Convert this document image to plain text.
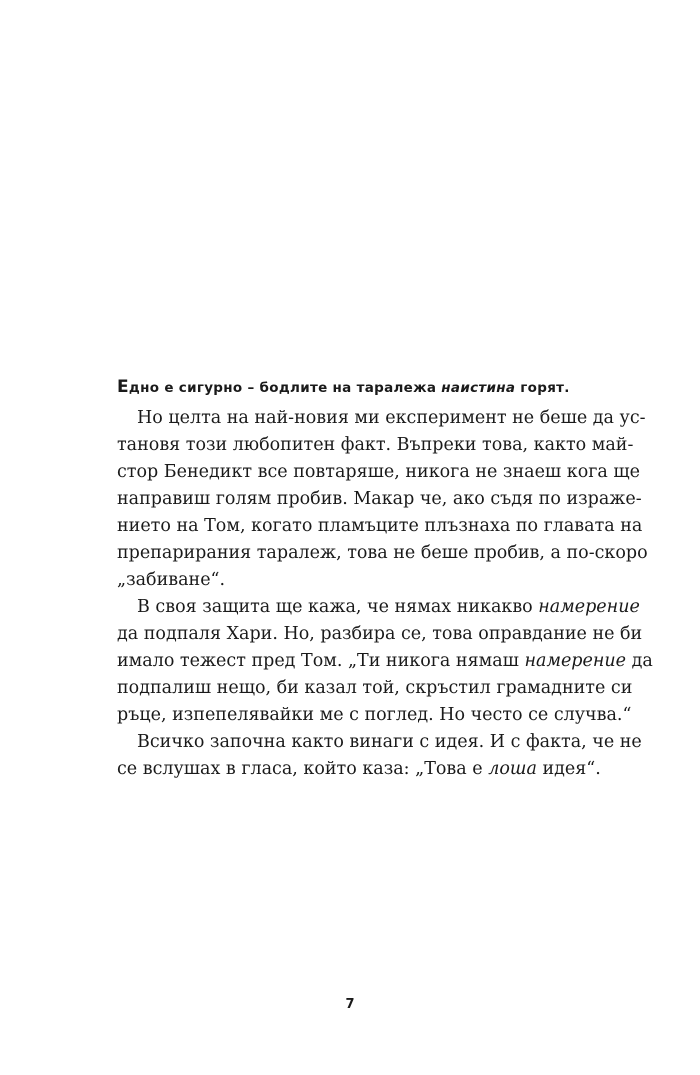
Едно е сигурно – бодлите на таралежа наистина горят.
Но целта на най-новия ми експеримент не беше да ус-
тановя този любопитен факт. Въпреки това, както май-
стор Бенедикт все повтаряше, никога не знаеш кога ще
направиш голям пробив. Макар че, ако съдя по израже-
нието на Том, когато пламъците плъзнаха по главата на
препарирания таралеж, това не беше пробив, а по-скоро
„забиване“.
В своя защита ще кажа, че нямах никакво намерение
да подпаля Хари. Но, разбира се, това оправдание не би
имало тежест пред Том. „Ти никога нямаш намерение да
подпалиш нещо, би казал той, скръстил грамадните си
ръце, изпепелявайки ме с поглед. Но често се случва.“
Всичко започна както винаги с идея. И с факта, че не
се вслушах в гласа, който каза: „Това е лоша идея“.
7
